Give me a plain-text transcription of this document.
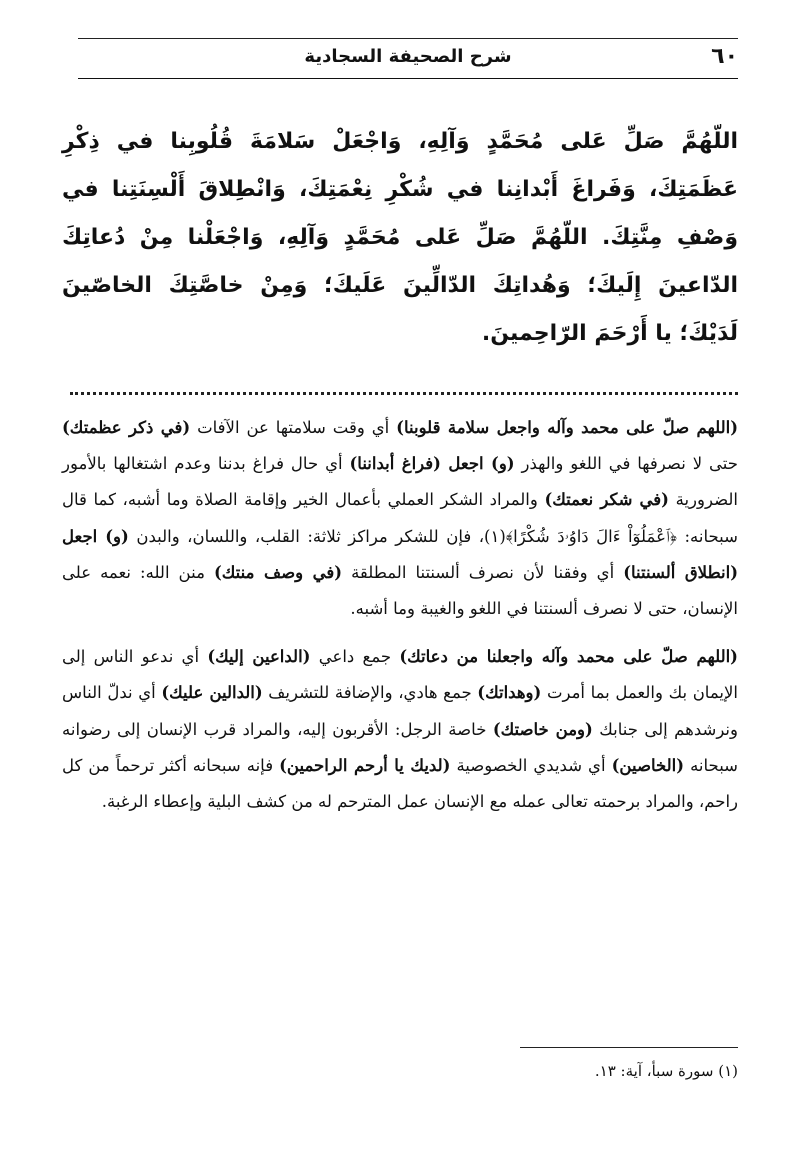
٦٠
شرح الصحيفة السجادية
اللّهُمَّ صَلِّ عَلى مُحَمَّدٍ وَآلِهِ، وَاجْعَلْ سَلامَةَ قُلُوبِنا في ذِكْرِ عَظَمَتِكَ، وَفَراغَ أَبْدانِنا في شُكْرِ نِعْمَتِكَ، وَانْطِلاقَ أَلْسِنَتِنا في وَصْفِ مِنَّتِكَ. اللّهُمَّ صَلِّ عَلى مُحَمَّدٍ وَآلِهِ، وَاجْعَلْنا مِنْ دُعاتِكَ الدّاعينَ إِلَيكَ؛ وَهُداتِكَ الدّالِّينَ عَلَيكَ؛ وَمِنْ خاصَّتِكَ الخاصّينَ لَدَيْكَ؛ يا أَرْحَمَ الرّاحِمينَ.

(اللهم صلّ على محمد وآله واجعل سلامة قلوبنا) أي وقت سلامتها عن الآفات (في ذكر عظمتك) حتى لا نصرفها في اللغو والهذر (و) اجعل (فراغ أبداننا) أي حال فراغ بدننا وعدم اشتغالها بالأمور الضرورية (في شكر نعمتك) والمراد الشكر العملي بأعمال الخير وإقامة الصلاة وما أشبه، كما قال سبحانه: ﴿ٱعْمَلُوٓاْ ءَالَ دَاوُۥدَ شُكْرًا﴾(١)، فإن للشكر مراكز ثلاثة: القلب، واللسان، والبدن (و) اجعل (انطلاق ألسنتنا) أي وفقنا لأن نصرف ألسنتنا المطلقة (في وصف منتك) منن الله: نعمه على الإنسان، حتى لا نصرف ألسنتنا في اللغو والغيبة وما أشبه.

(اللهم صلّ على محمد وآله واجعلنا من دعاتك) جمع داعي (الداعين إليك) أي ندعو الناس إلى الإيمان بك والعمل بما أمرت (وهداتك) جمع هادي، والإضافة للتشريف (الدالين عليك) أي ندلّ الناس ونرشدهم إلى جنابك (ومن خاصتك) خاصة الرجل: الأقربون إليه، والمراد قرب الإنسان إلى رضوانه سبحانه (الخاصين) أي شديدي الخصوصية (لديك يا أرحم الراحمين) فإنه سبحانه أكثر ترحماً من كل راحم، والمراد برحمته تعالى عمله مع الإنسان عمل المترحم له من كشف البلية وإعطاء الرغبة.

(١) سورة سبأ، آية: ١٣.
